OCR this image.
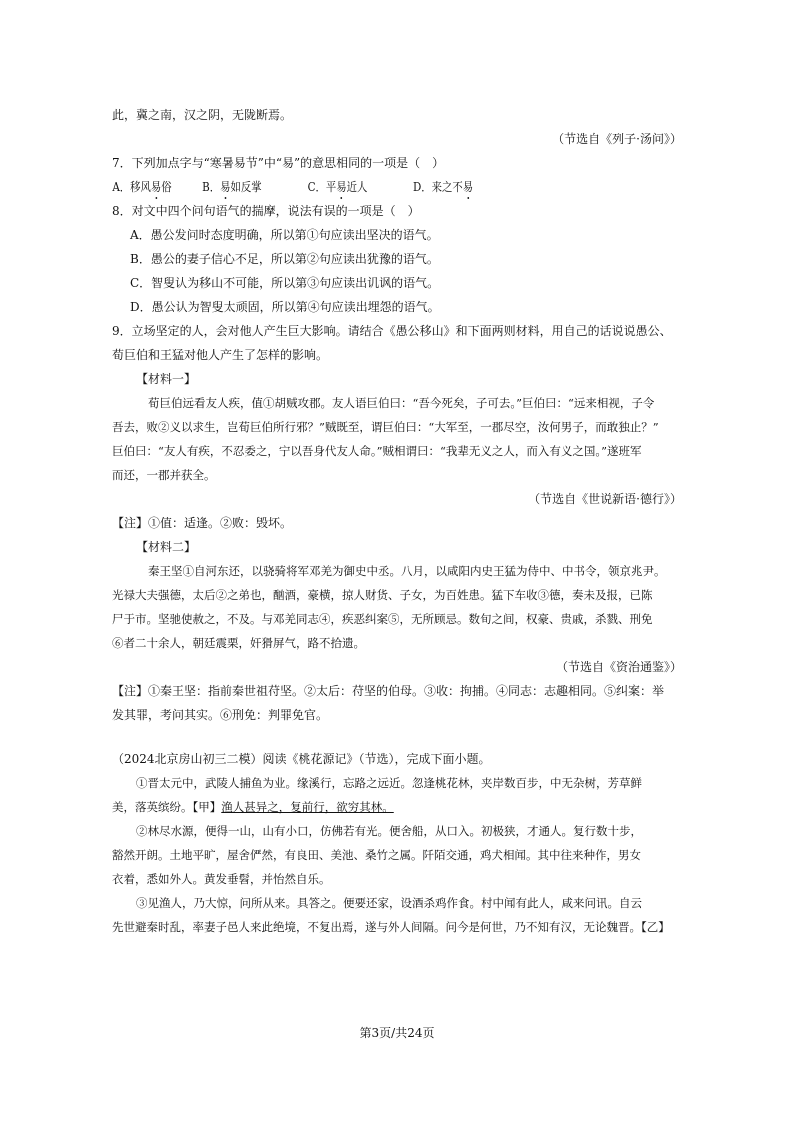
此，冀之南，汉之阴，无陇断焉。
（节选自《列子·汤问》）
7．下列加点字与“寒暑易节”中“易”的意思相同的一项是（　）
A．移风易俗	B．易如反掌	C．平易近人	D．来之不易
8．对文中四个问句语气的揣摩，说法有误的一项是（　）
A．愚公发问时态度明确，所以第①句应读出坚决的语气。
B．愚公的妻子信心不足，所以第②句应读出犹豫的语气。
C．智叟认为移山不可能，所以第③句应读出讥讽的语气。
D．愚公认为智叟太顽固，所以第④句应读出埋怨的语气。
9．立场坚定的人，会对他人产生巨大影响。请结合《愚公移山》和下面两则材料，用自己的话说说愚公、
荀巨伯和王猛对他人产生了怎样的影响。
【材料一】
荀巨伯远看友人疾，值①胡贼攻郡。友人语巨伯曰：“吾今死矣，子可去。”巨伯曰：“远来相视，子令
吾去，败②义以求生，岂荀巨伯所行邪？”贼既至，谓巨伯曰：“大军至，一郡尽空，汝何男子，而敢独止？”
巨伯曰：“友人有疾，不忍委之，宁以吾身代友人命。”贼相谓曰：“我辈无义之人，而入有义之国。”遂班军
而还，一郡并获全。
（节选自《世说新语·德行》）
【注】①值：适逢。②败：毁坏。
【材料二】
秦王坚①自河东还，以骁骑将军邓羌为御史中丞。八月，以咸阳内史王猛为侍中、中书令，领京兆尹。
光禄大夫强德，太后②之弟也，酗酒，豪横，掠人财货、子女，为百姓患。猛下车收③德，奏未及报，已陈
尸于市。坚驰使赦之，不及。与邓羌同志④，疾恶纠案⑤，无所顾忌。数旬之间，权豪、贵戚，杀戮、刑免
⑥者二十余人，朝廷震栗，奸猾屏气，路不拾遗。
（节选自《资治通鉴》）
【注】①秦王坚：指前秦世祖苻坚。②太后：苻坚的伯母。③收：拘捕。④同志：志趣相同。⑤纠案：举
发其罪，考问其实。⑥刑免：判罪免官。
（2024北京房山初三二模）阅读《桃花源记》（节选），完成下面小题。
①晋太元中，武陵人捕鱼为业。缘溪行，忘路之远近。忽逢桃花林，夹岸数百步，中无杂树，芳草鲜
美，落英缤纷。【甲】渔人甚异之，复前行，欲穷其林。
②林尽水源，便得一山，山有小口，仿佛若有光。便舍船，从口入。初极狭，才通人。复行数十步，
豁然开朗。土地平旷，屋舍俨然，有良田、美池、桑竹之属。阡陌交通，鸡犬相闻。其中往来种作，男女
衣着，悉如外人。黄发垂髫，并怡然自乐。
③见渔人，乃大惊，问所从来。具答之。便要还家，设酒杀鸡作食。村中闻有此人，咸来问讯。自云
先世避秦时乱，率妻子邑人来此绝境，不复出焉，遂与外人间隔。问今是何世，乃不知有汉，无论魏晋。【乙】
第3页/共24页
